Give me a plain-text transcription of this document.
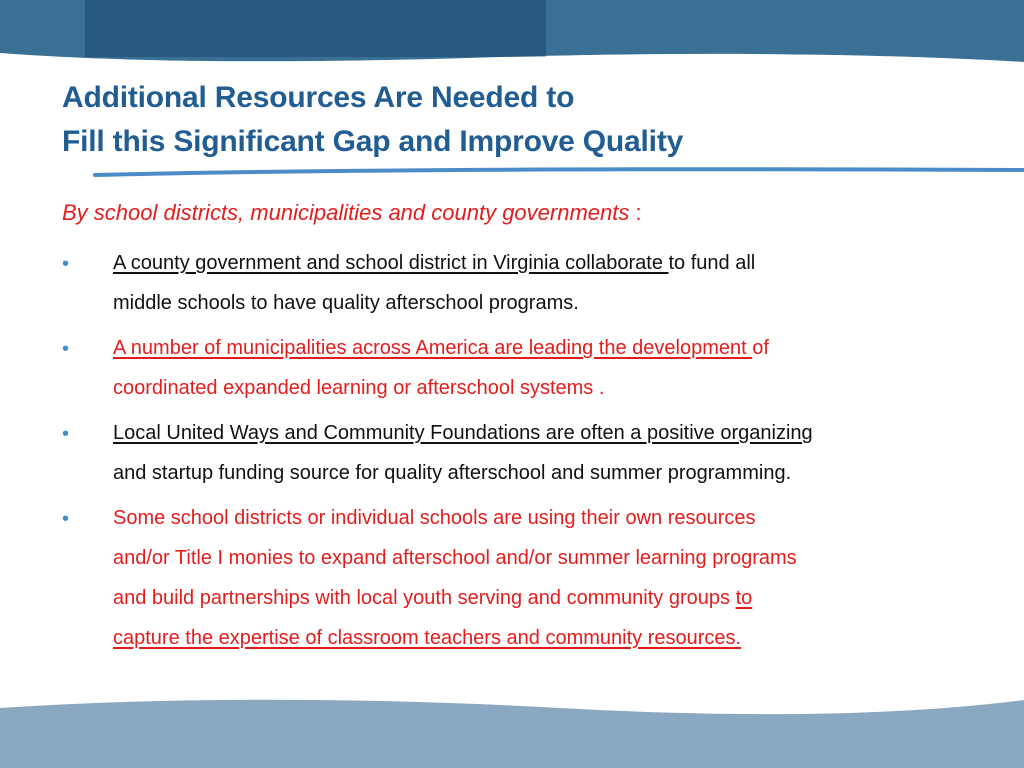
Additional Resources Are Needed to
Fill this Significant Gap and Improve Quality
By school districts, municipalities and county governments :
• A county government and school district in Virginia collaborate to fund all
middle schools to have quality afterschool programs.
• A number of municipalities across America are leading the development of
coordinated expanded learning or afterschool systems .
• Local United Ways and Community Foundations are often a positive organizing
and startup funding source for quality afterschool and summer programming.
• Some school districts or individual schools are using their own resources
and/or Title I monies to expand afterschool and/or summer learning programs
and build partnerships with local youth serving and community groups to
capture the expertise of classroom teachers and community resources.
